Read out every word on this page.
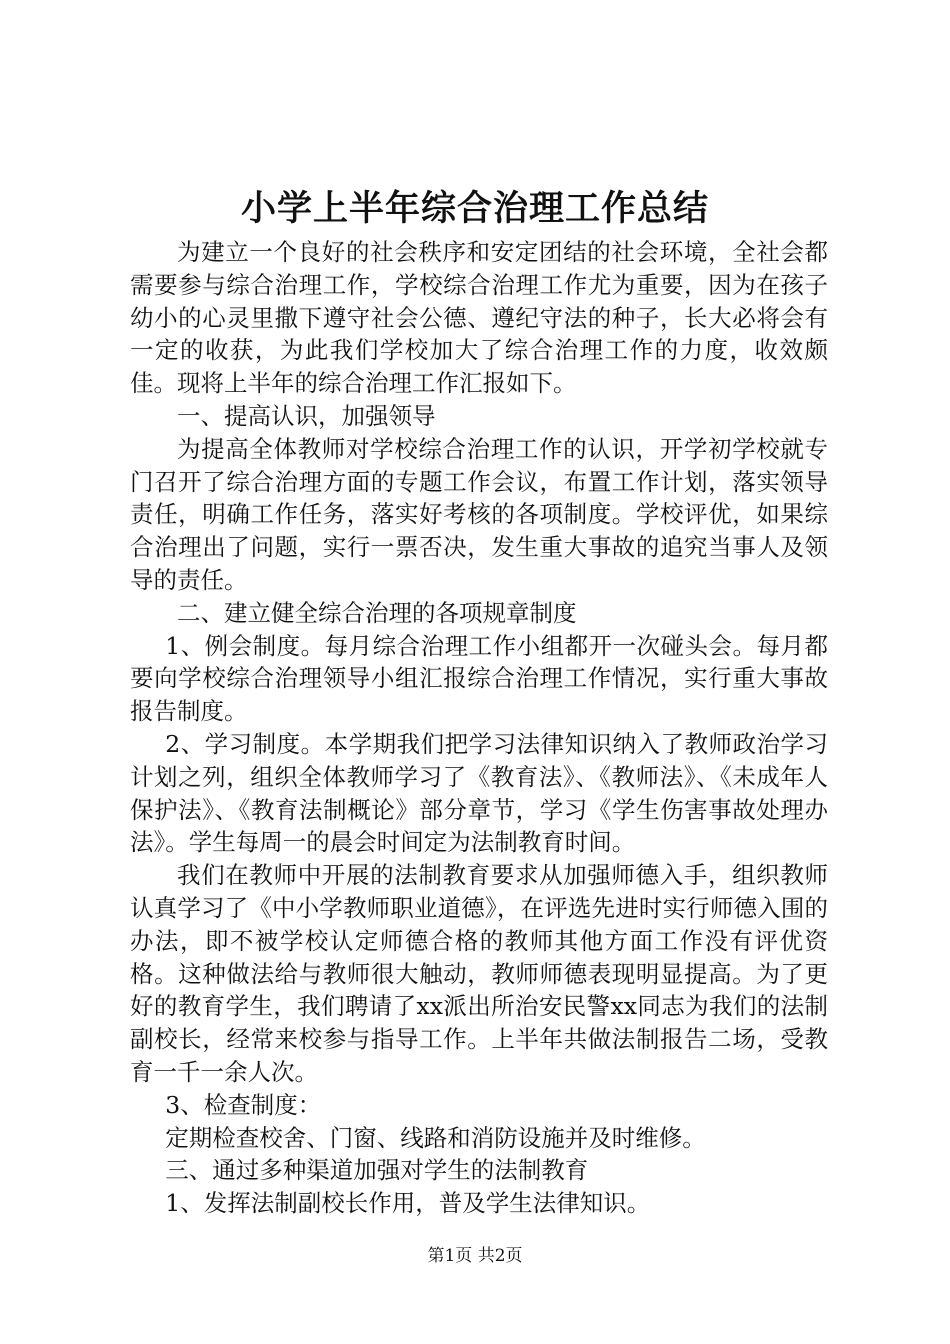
小学上半年综合治理工作总结

为建立一个良好的社会秩序和安定团结的社会环境，全社会都需要参与综合治理工作，学校综合治理工作尤为重要，因为在孩子幼小的心灵里撒下遵守社会公德、遵纪守法的种子，长大必将会有一定的收获，为此我们学校加大了综合治理工作的力度，收效颇佳。现将上半年的综合治理工作汇报如下。

一、提高认识，加强领导

为提高全体教师对学校综合治理工作的认识，开学初学校就专门召开了综合治理方面的专题工作会议，布置工作计划，落实领导责任，明确工作任务，落实好考核的各项制度。学校评优，如果综合治理出了问题，实行一票否决，发生重大事故的追究当事人及领导的责任。

二、建立健全综合治理的各项规章制度

1、例会制度。每月综合治理工作小组都开一次碰头会。每月都要向学校综合治理领导小组汇报综合治理工作情况，实行重大事故报告制度。

2、学习制度。本学期我们把学习法律知识纳入了教师政治学习计划之列，组织全体教师学习了《教育法》、《教师法》、《未成年人保护法》、《教育法制概论》部分章节，学习《学生伤害事故处理办法》。学生每周一的晨会时间定为法制教育时间。

我们在教师中开展的法制教育要求从加强师德入手，组织教师认真学习了《中小学教师职业道德》，在评选先进时实行师德入围的办法，即不被学校认定师德合格的教师其他方面工作没有评优资格。这种做法给与教师很大触动，教师师德表现明显提高。为了更好的教育学生，我们聘请了xx派出所治安民警xx同志为我们的法制副校长，经常来校参与指导工作。上半年共做法制报告二场，受教育一千一余人次。

3、检查制度：

定期检查校舍、门窗、线路和消防设施并及时维修。

三、通过多种渠道加强对学生的法制教育

1、发挥法制副校长作用，普及学生法律知识。

第1页 共2页
